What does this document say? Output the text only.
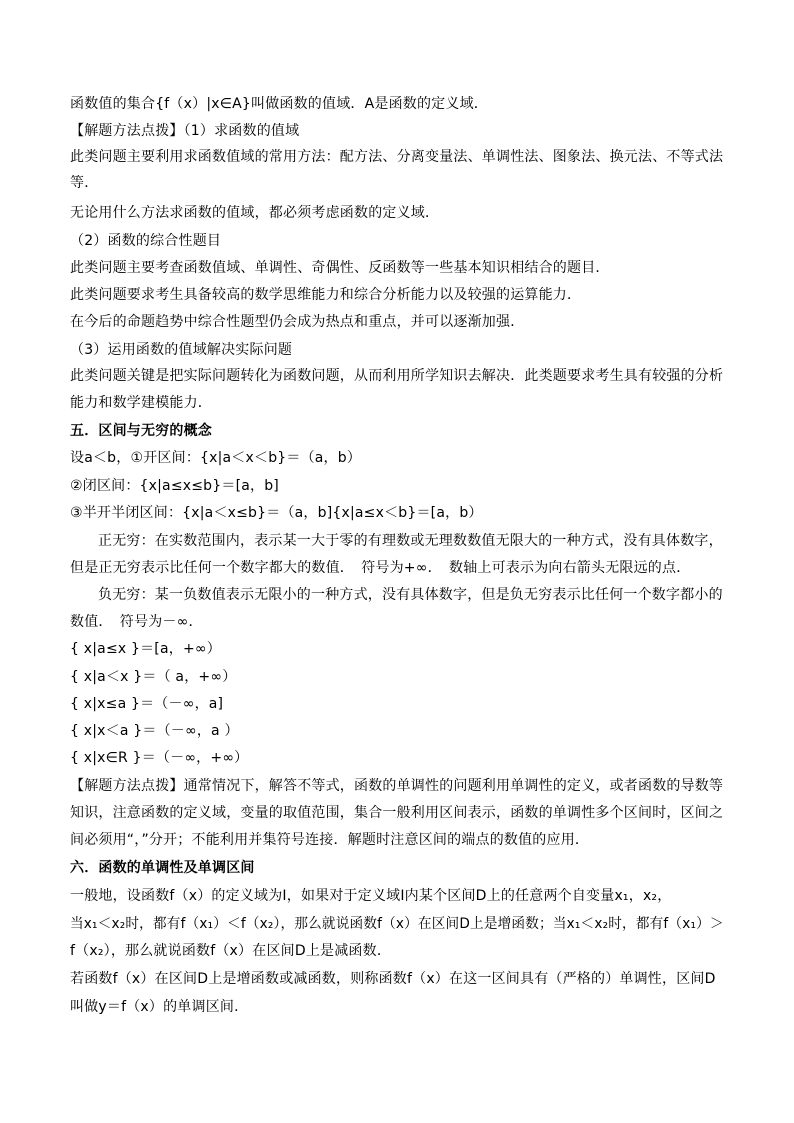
函数值的集合{f（x）|x∈A}叫做函数的值域．A是函数的定义域．
【解题方法点拨】（1）求函数的值域
此类问题主要利用求函数值域的常用方法：配方法、分离变量法、单调性法、图象法、换元法、不等式法
等．
无论用什么方法求函数的值域，都必须考虑函数的定义域．
（2）函数的综合性题目
此类问题主要考查函数值域、单调性、奇偶性、反函数等一些基本知识相结合的题目．
此类问题要求考生具备较高的数学思维能力和综合分析能力以及较强的运算能力．
在今后的命题趋势中综合性题型仍会成为热点和重点，并可以逐渐加强．
（3）运用函数的值域解决实际问题
此类问题关键是把实际问题转化为函数问题，从而利用所学知识去解决．此类题要求考生具有较强的分析
能力和数学建模能力．
五．区间与无穷的概念
设a＜b，①开区间：{x|a＜x＜b}＝（a，b）
②闭区间：{x|a≤x≤b}＝[a，b]
③半开半闭区间：{x|a＜x≤b}＝（a，b]{x|a≤x＜b}＝[a，b）
正无穷：在实数范围内，表示某一大于零的有理数或无理数数值无限大的一种方式，没有具体数字，
但是正无穷表示比任何一个数字都大的数值．　符号为+∞．　数轴上可表示为向右箭头无限远的点．
负无穷：某一负数值表示无限小的一种方式，没有具体数字，但是负无穷表示比任何一个数字都小的
数值．　符号为－∞．
{ x|a≤x }＝[a，+∞）
{ x|a＜x }＝（ a，+∞）
{ x|x≤a }＝（－∞，a]
{ x|x＜a }＝（－∞，a ）
{ x|x∈R }＝（－∞，+∞）
【解题方法点拨】通常情况下，解答不等式，函数的单调性的问题利用单调性的定义，或者函数的导数等
知识，注意函数的定义域，变量的取值范围，集合一般利用区间表示，函数的单调性多个区间时，区间之
间必须用“，”分开；不能利用并集符号连接．解题时注意区间的端点的数值的应用．
六．函数的单调性及单调区间
一般地，设函数f（x）的定义域为I，如果对于定义域I内某个区间D上的任意两个自变量x₁，x₂，
当x₁＜x₂时，都有f（x₁）＜f（x₂），那么就说函数f（x）在区间D上是增函数；当x₁＜x₂时，都有f（x₁）＞
f（x₂），那么就说函数f（x）在区间D上是减函数．
若函数f（x）在区间D上是增函数或减函数，则称函数f（x）在这一区间具有（严格的）单调性，区间D
叫做y＝f（x）的单调区间．
